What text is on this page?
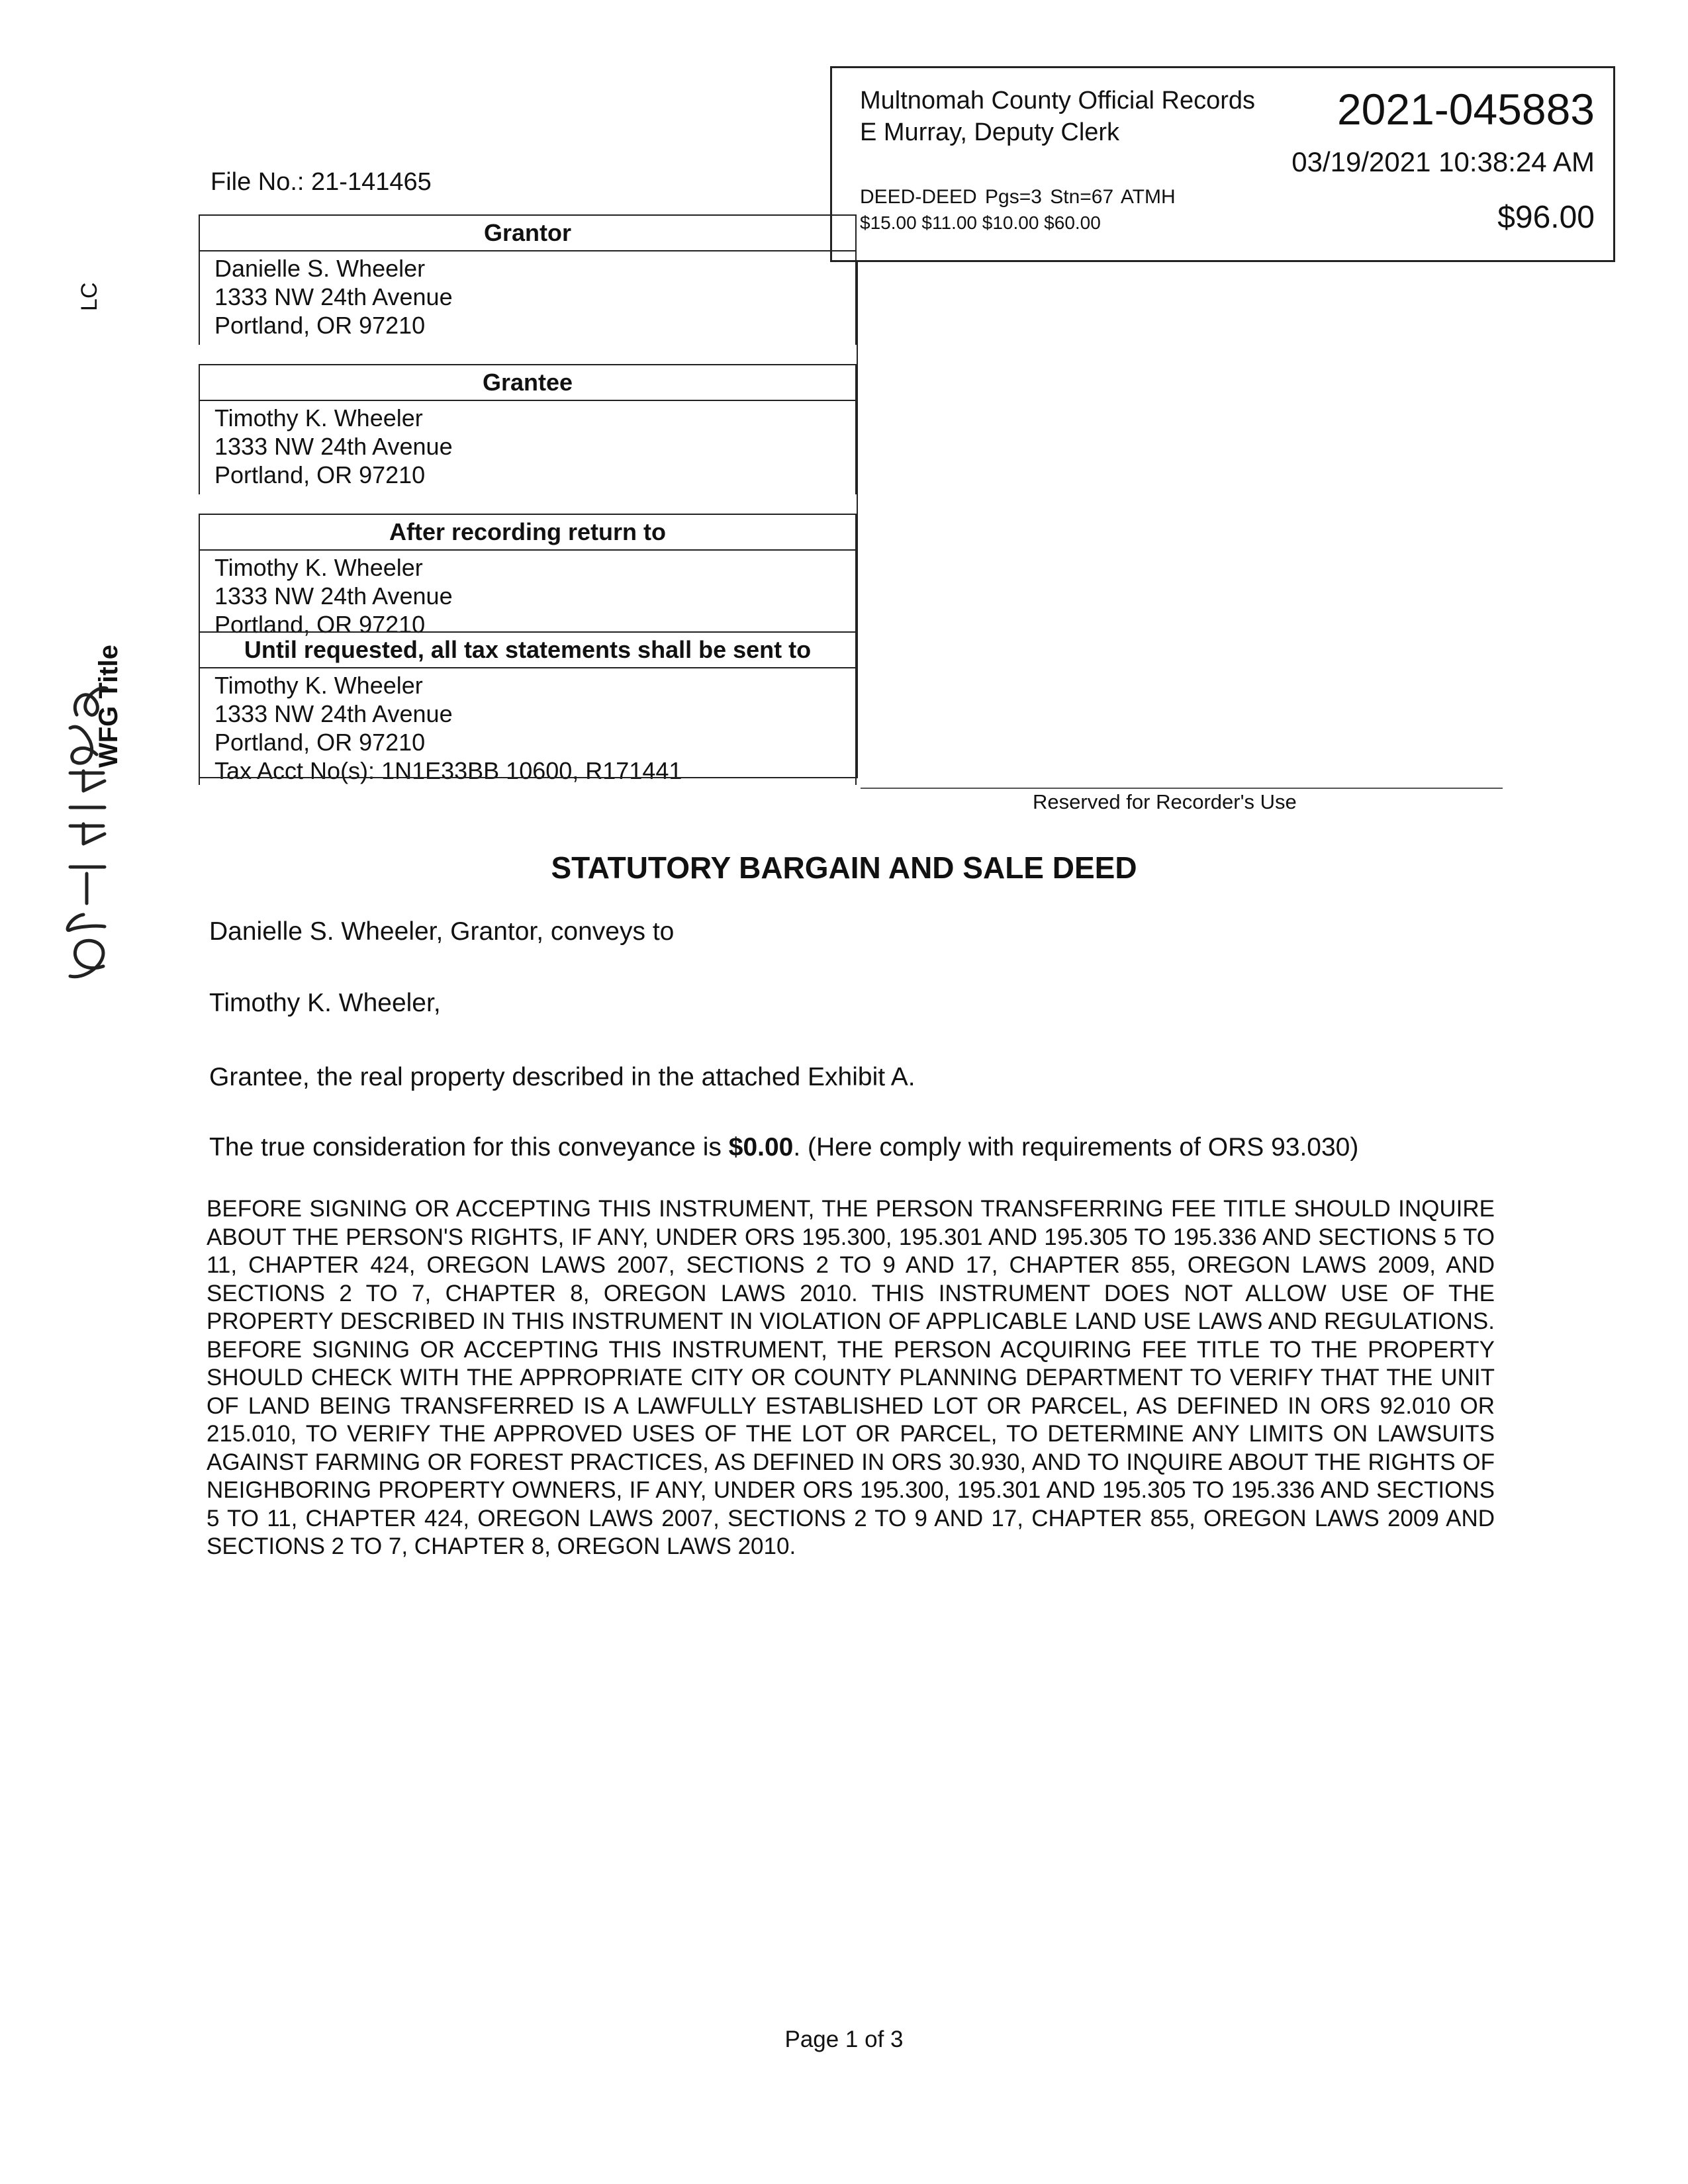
Multnomah County Official Records
E Murray, Deputy Clerk	2021-045883
03/19/2021 10:38:24 AM
DEED-DEED Pgs=3 Stn=67 ATMH
$15.00 $11.00 $10.00 $60.00	$96.00
File No.: 21-141465
Grantor
Danielle S. Wheeler
1333 NW 24th Avenue
Portland, OR 97210
Grantee
Timothy K. Wheeler
1333 NW 24th Avenue
Portland, OR 97210
After recording return to
Timothy K. Wheeler
1333 NW 24th Avenue
Portland, OR 97210
Until requested, all tax statements shall be sent to
Timothy K. Wheeler
1333 NW 24th Avenue
Portland, OR 97210
Tax Acct No(s): 1N1E33BB 10600, R171441
Reserved for Recorder's Use
STATUTORY BARGAIN AND SALE DEED
Danielle S. Wheeler, Grantor, conveys to
Timothy K. Wheeler,
Grantee, the real property described in the attached Exhibit A.
The true consideration for this conveyance is $0.00. (Here comply with requirements of ORS 93.030)
BEFORE SIGNING OR ACCEPTING THIS INSTRUMENT, THE PERSON TRANSFERRING FEE TITLE SHOULD INQUIRE ABOUT THE PERSON'S RIGHTS, IF ANY, UNDER ORS 195.300, 195.301 AND 195.305 TO 195.336 AND SECTIONS 5 TO 11, CHAPTER 424, OREGON LAWS 2007, SECTIONS 2 TO 9 AND 17, CHAPTER 855, OREGON LAWS 2009, AND SECTIONS 2 TO 7, CHAPTER 8, OREGON LAWS 2010. THIS INSTRUMENT DOES NOT ALLOW USE OF THE PROPERTY DESCRIBED IN THIS INSTRUMENT IN VIOLATION OF APPLICABLE LAND USE LAWS AND REGULATIONS. BEFORE SIGNING OR ACCEPTING THIS INSTRUMENT, THE PERSON ACQUIRING FEE TITLE TO THE PROPERTY SHOULD CHECK WITH THE APPROPRIATE CITY OR COUNTY PLANNING DEPARTMENT TO VERIFY THAT THE UNIT OF LAND BEING TRANSFERRED IS A LAWFULLY ESTABLISHED LOT OR PARCEL, AS DEFINED IN ORS 92.010 OR 215.010, TO VERIFY THE APPROVED USES OF THE LOT OR PARCEL, TO DETERMINE ANY LIMITS ON LAWSUITS AGAINST FARMING OR FOREST PRACTICES, AS DEFINED IN ORS 30.930, AND TO INQUIRE ABOUT THE RIGHTS OF NEIGHBORING PROPERTY OWNERS, IF ANY, UNDER ORS 195.300, 195.301 AND 195.305 TO 195.336 AND SECTIONS 5 TO 11, CHAPTER 424, OREGON LAWS 2007, SECTIONS 2 TO 9 AND 17, CHAPTER 855, OREGON LAWS 2009 AND SECTIONS 2 TO 7, CHAPTER 8, OREGON LAWS 2010.
Page 1 of 3
WFG Title
LC
